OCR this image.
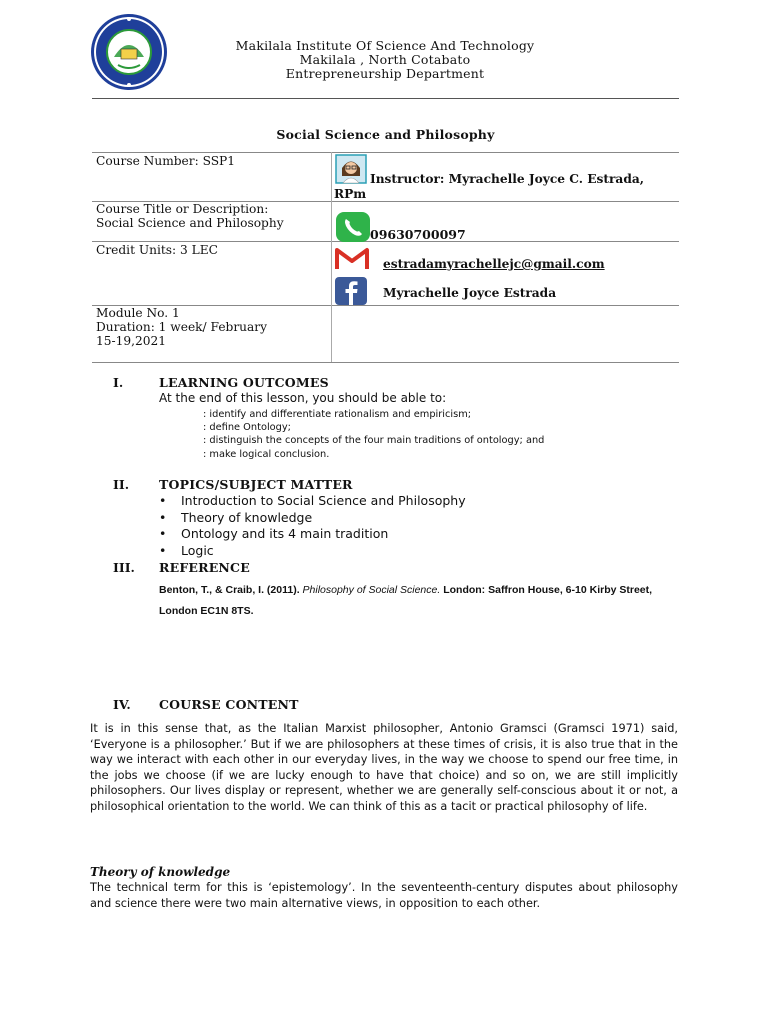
Makilala Institute Of Science And Technology
Makilala , North Cotabato
Entrepreneurship Department
Social Science and Philosophy
Course Number: SSP1
Course Title or Description:
Social Science and Philosophy
Credit Units: 3 LEC
Module No. 1
Duration: 1 week/ February
15-19,2021
Instructor: Myrachelle Joyce C. Estrada,
RPm
09630700097
estradamyrachellejc@gmail.com
Myrachelle Joyce Estrada
I.	LEARNING OUTCOMES
At the end of this lesson, you should be able to:
: identify and differentiate rationalism and empiricism;
: define Ontology;
: distinguish the concepts of the four main traditions of ontology; and
: make logical conclusion.
II. TOPICS/SUBJECT MATTER
• Introduction to Social Science and Philosophy
• Theory of knowledge
• Ontology and its 4 main tradition
• Logic
III. REFERENCE
Benton, T., & Craib, I. (2011). Philosophy of Social Science. London: Saffron House, 6-10 Kirby Street, London EC1N 8TS.
IV. COURSE CONTENT
It is in this sense that, as the Italian Marxist philosopher, Antonio Gramsci (Gramsci 1971) said, ‘Everyone is a philosopher.’ But if we are philosophers at these times of crisis, it is also true that in the way we interact with each other in our everyday lives, in the way we choose to spend our free time, in the jobs we choose (if we are lucky enough to have that choice) and so on, we are still implicitly philosophers. Our lives display or represent, whether we are generally self-conscious about it or not, a philosophical orientation to the world. We can think of this as a tacit or practical philosophy of life.
Theory of knowledge
The technical term for this is ‘epistemology’. In the seventeenth-century disputes about philosophy and science there were two main alternative views, in opposition to each other.
